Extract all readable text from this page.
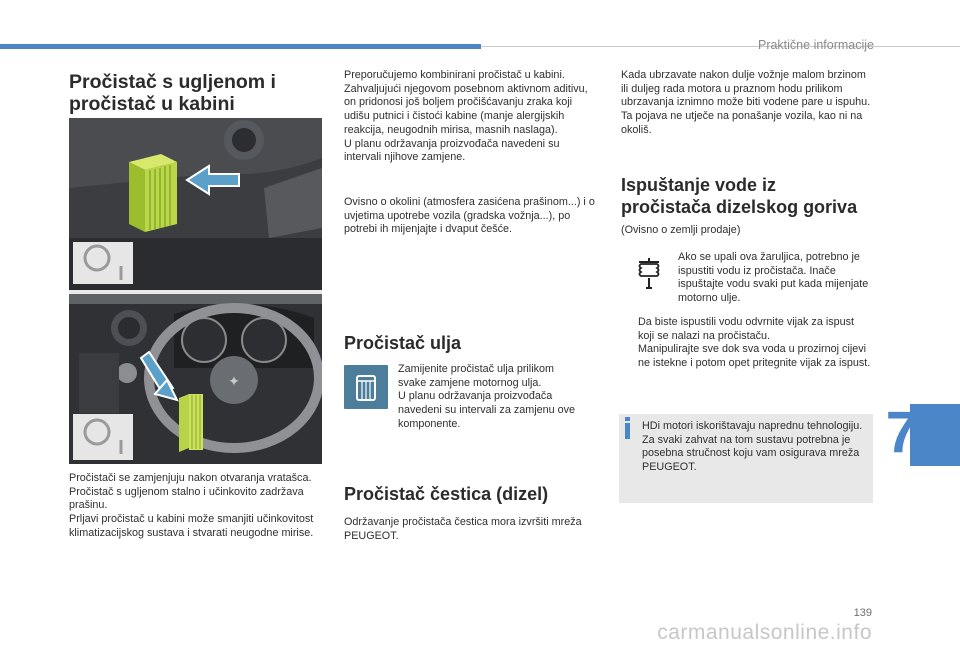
Praktične informacije
7
Pročistač s ugljenom i
pročistač u kabini
✦
Pročistači se zamjenjuju nakon otvaranja vratašca.
Pročistač s ugljenom stalno i učinkovito zadržava prašinu.
Prljavi pročistač u kabini može smanjiti učinkovitost klimatizacijskog sustava i stvarati neugodne mirise.
Preporučujemo kombinirani pročistač u kabini. Zahvaljujući njegovom posebnom aktivnom aditivu, on pridonosi još boljem pročišćavanju zraka koji udišu putnici i čistoći kabine (manje alergijskih reakcija, neugodnih mirisa, masnih naslaga).
U planu održavanja proizvođača navedeni su intervali njihove zamjene.
Ovisno o okolini (atmosfera zasićena prašinom...) i o uvjetima upotrebe vozila (gradska vožnja...), po potrebi ih mijenjajte i dvaput češće.
Pročistač ulja
Zamijenite pročistač ulja prilikom svake zamjene motornog ulja.
U planu održavanja proizvođača navedeni su intervali za zamjenu ove komponente.
Pročistač čestica (dizel)
Održavanje pročistača čestica mora izvršiti mreža PEUGEOT.
Kada ubrzavate nakon dulje vožnje malom brzinom ili duljeg rada motora u praznom hodu prilikom ubrzavanja iznimno može biti vodene pare u ispuhu. Ta pojava ne utječe na ponašanje vozila, kao ni na okoliš.
Ispuštanje vode iz
pročistača dizelskog goriva
(Ovisno o zemlji prodaje)
Ako se upali ova žaruljica, potrebno je ispustiti vodu iz pročistača. Inače ispuštajte vodu svaki put kada mijenjate motorno ulje.
Da biste ispustili vodu odvrnite vijak za ispust koji se nalazi na pročistaču.
Manipulirajte sve dok sva voda u prozirnoj cijevi ne istekne i potom opet pritegnite vijak za ispust.
HDi motori iskorištavaju naprednu tehnologiju. Za svaki zahvat na tom sustavu potrebna je posebna stručnost koju vam osigurava mreža PEUGEOT.
139
carmanualsonline.info
